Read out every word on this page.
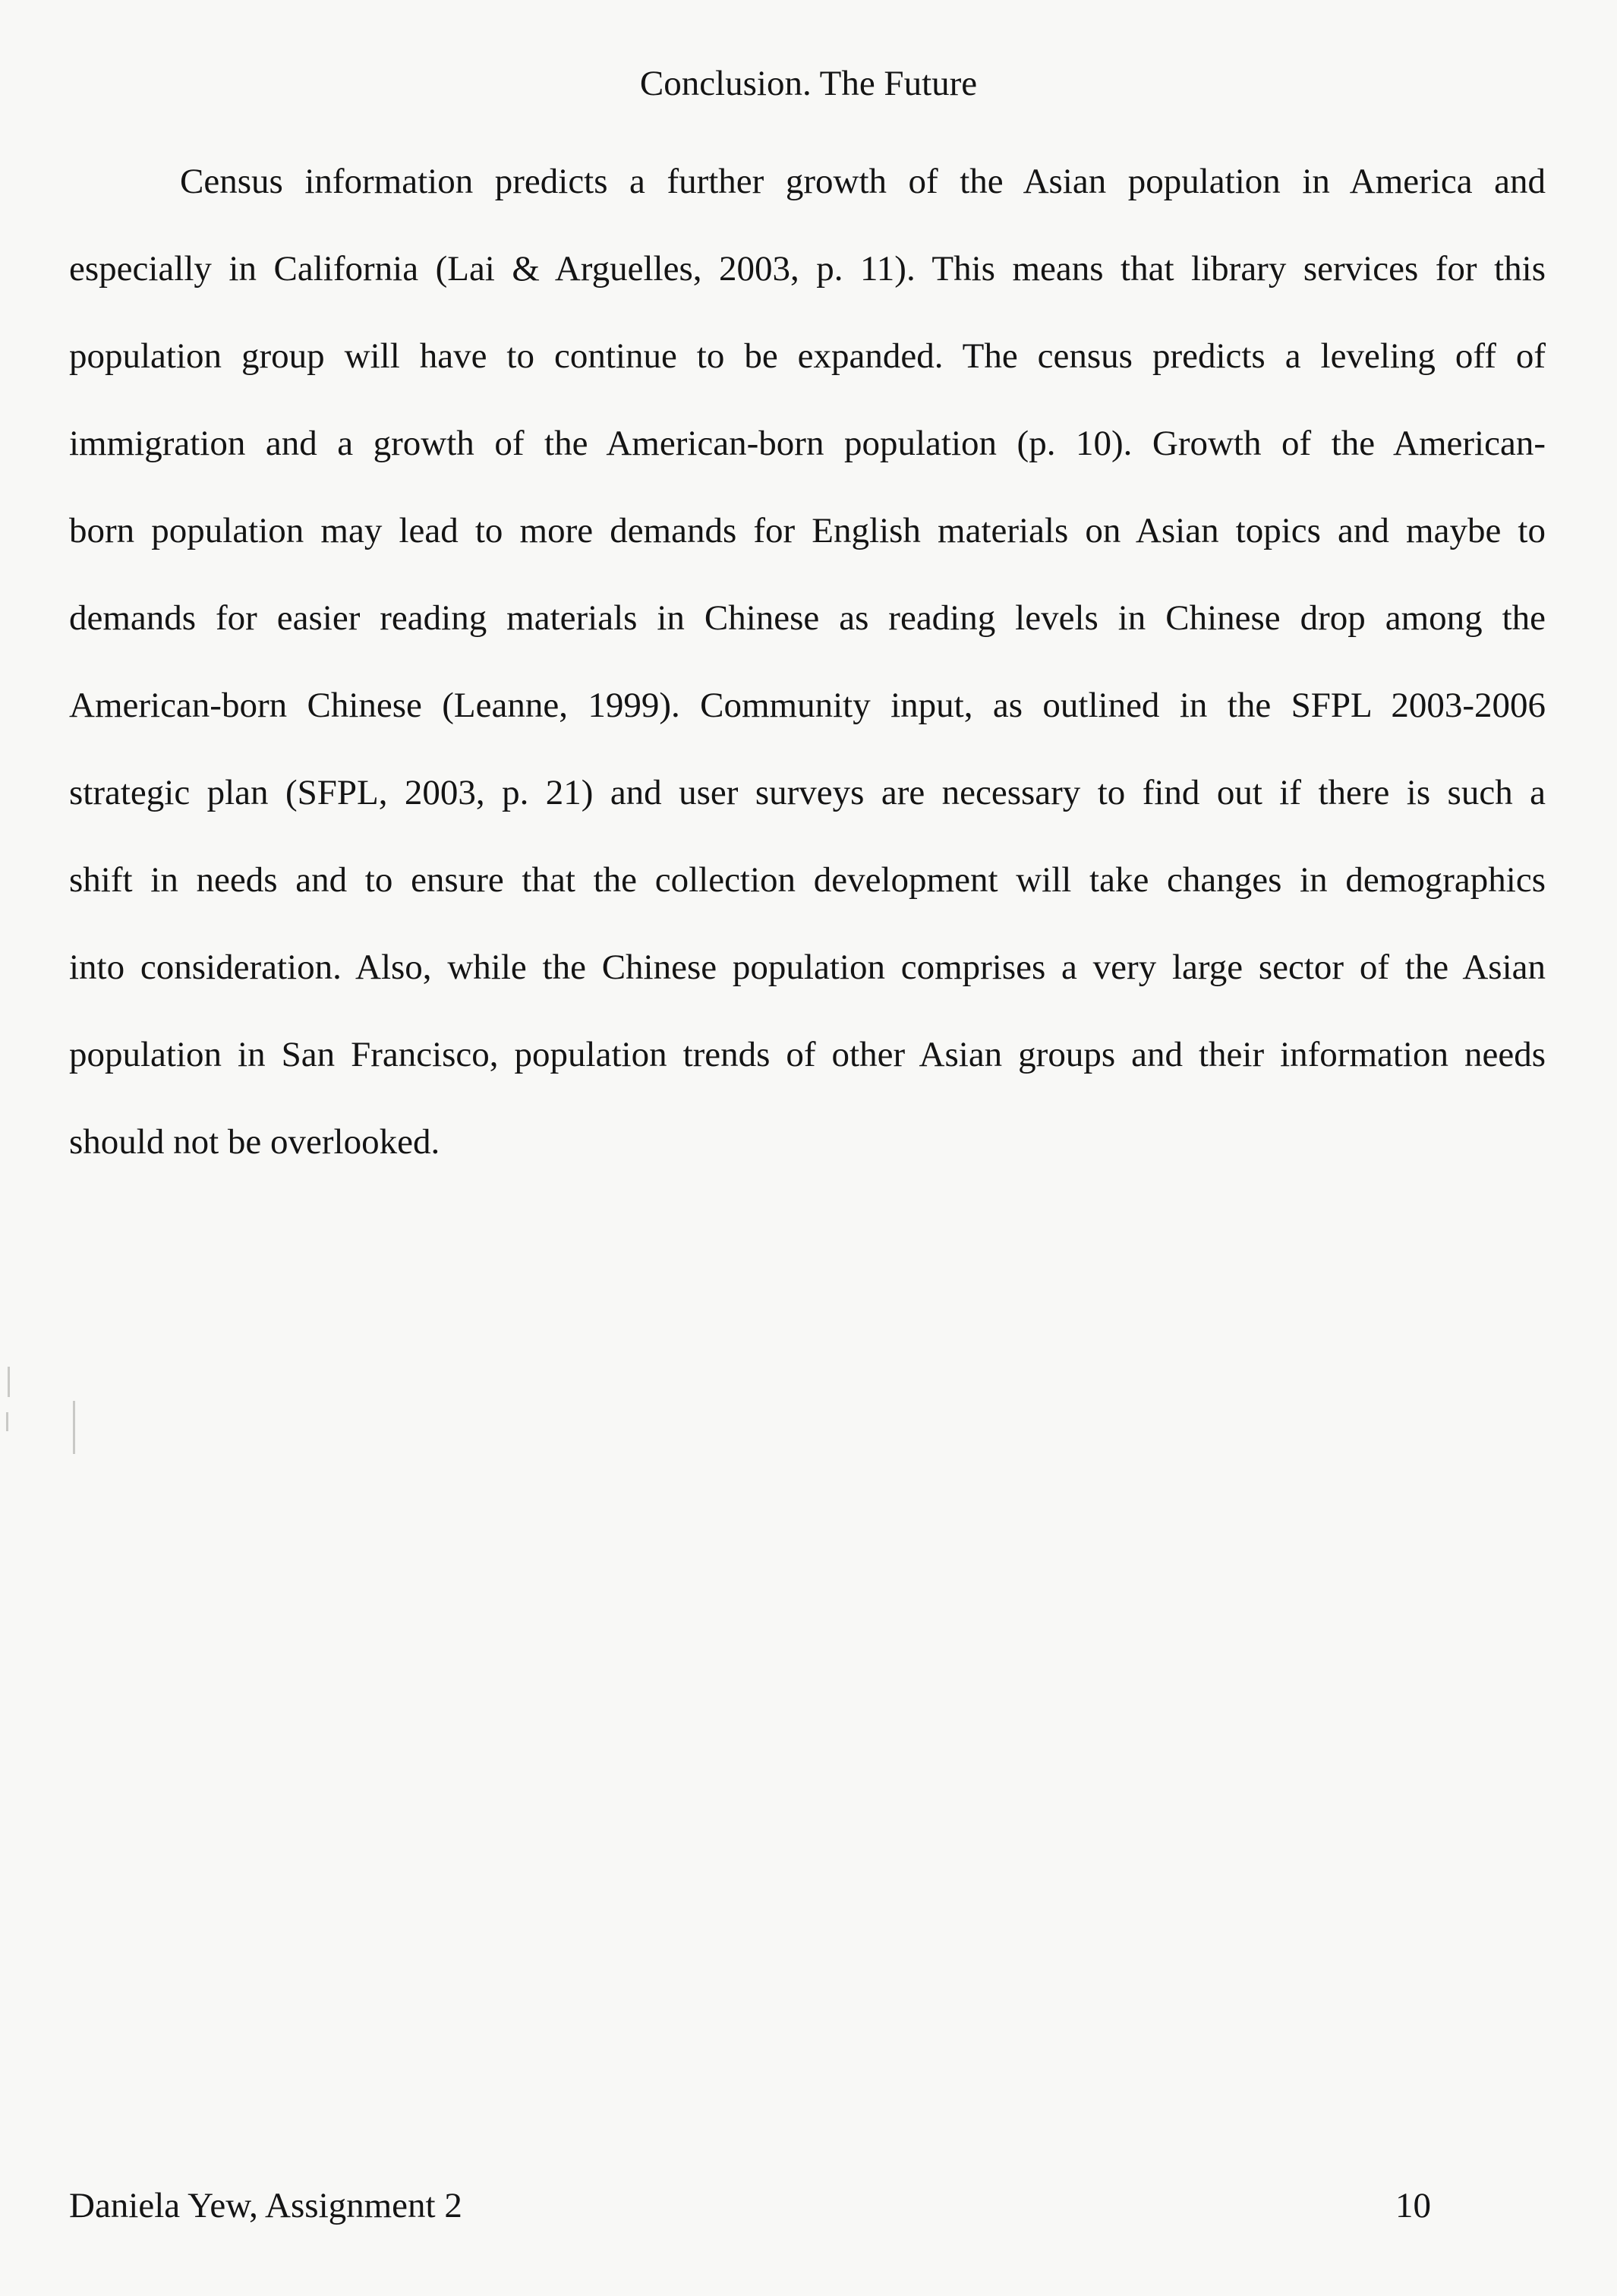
Conclusion. The Future
Census information predicts a further growth of the Asian population in America and
especially in California (Lai & Arguelles, 2003, p. 11). This means that library services for this
population group will have to continue to be expanded. The census predicts a leveling off of
immigration and a growth of the American-born population (p. 10). Growth of the American-
born population may lead to more demands for English materials on Asian topics and maybe to
demands for easier reading materials in Chinese as reading levels in Chinese drop among the
American-born Chinese (Leanne, 1999). Community input, as outlined in the SFPL 2003-2006
strategic plan (SFPL, 2003, p. 21) and user surveys are necessary to find out if there is such a
shift in needs and to ensure that the collection development will take changes in demographics
into consideration. Also, while the Chinese population comprises a very large sector of the Asian
population in San Francisco, population trends of other Asian groups and their information needs
should not be overlooked.
Daniela Yew, Assignment 2	10
